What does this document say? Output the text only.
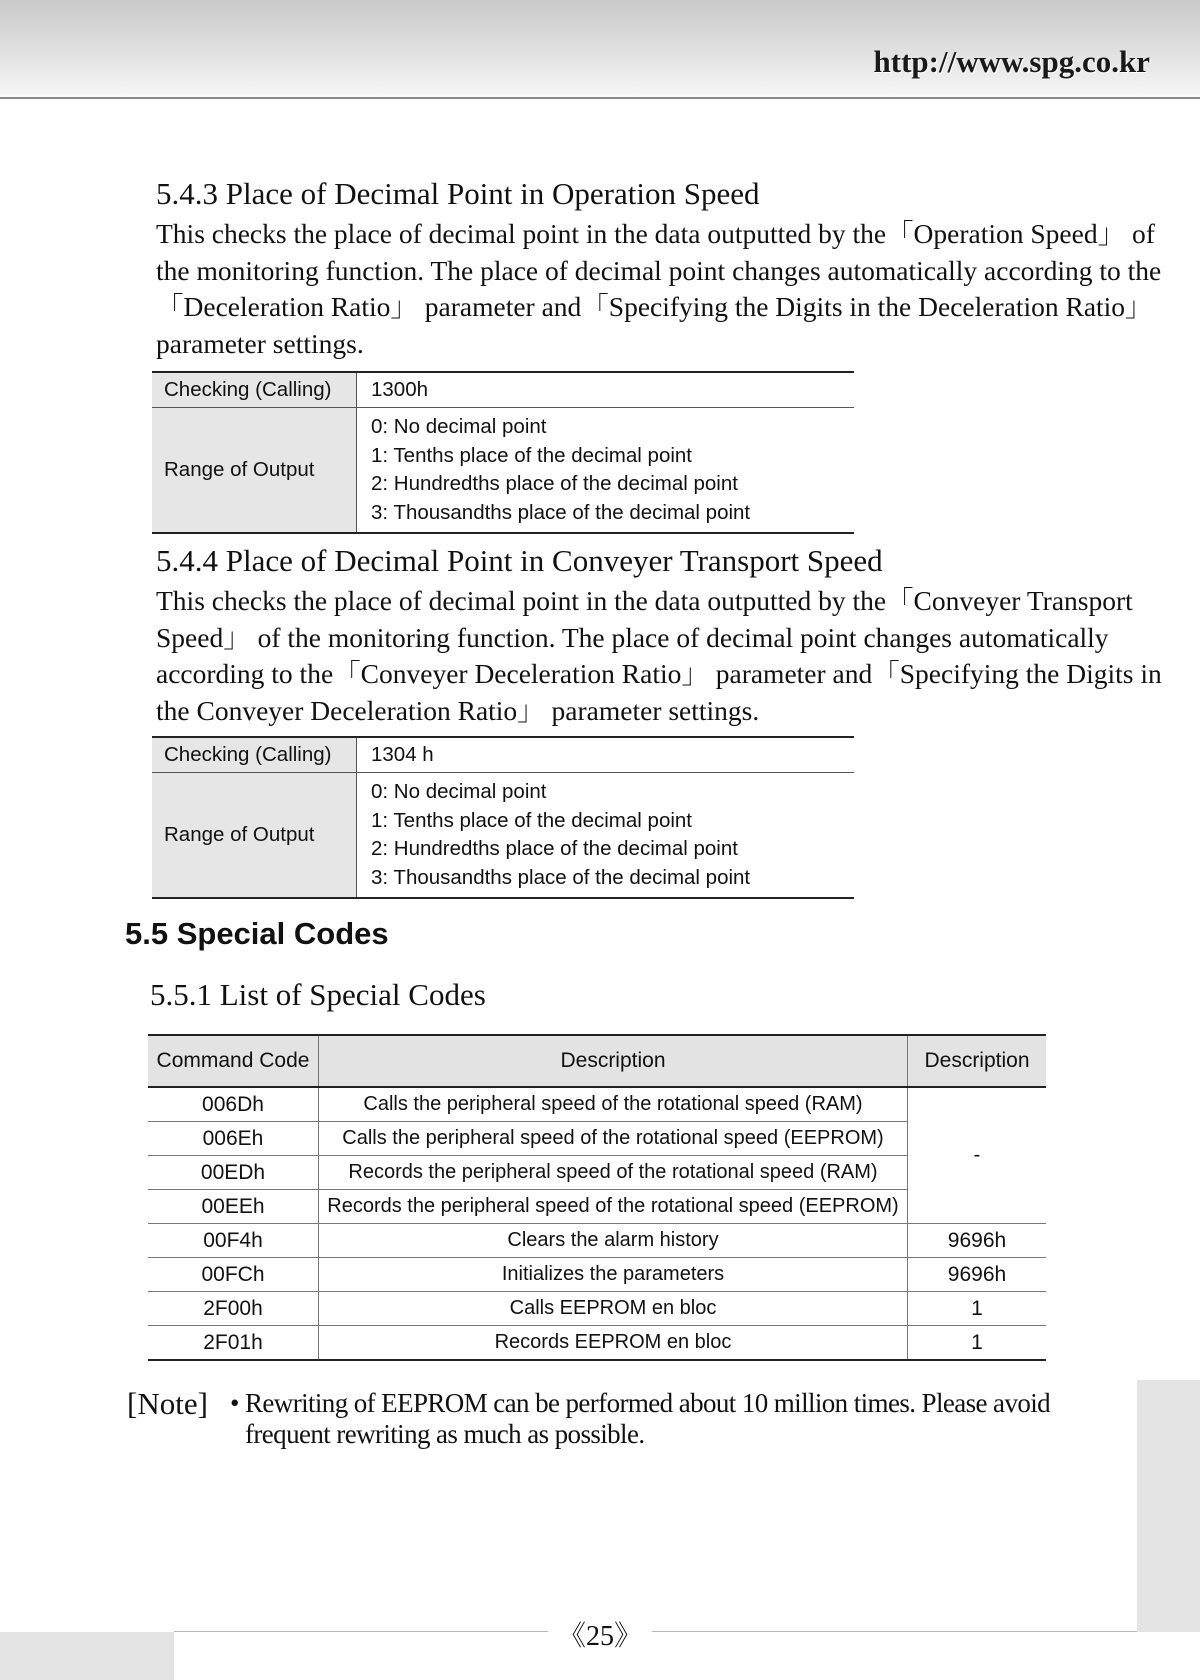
http://www.spg.co.kr
5.4.3 Place of Decimal Point in Operation Speed
This checks the place of decimal point in the data outputted by the「Operation Speed」 of
the monitoring function. The place of decimal point changes automatically according to the
「Deceleration Ratio」 parameter and「Specifying the Digits in the Deceleration Ratio」
parameter settings.
Checking (Calling)	1300h
Range of Output	0: No decimal point
1: Tenths place of the decimal point
2: Hundredths place of the decimal point
3: Thousandths place of the decimal point
5.4.4 Place of Decimal Point in Conveyer Transport Speed
This checks the place of decimal point in the data outputted by the「Conveyer Transport
Speed」 of the monitoring function. The place of decimal point changes automatically
according to the「Conveyer Deceleration Ratio」 parameter and「Specifying the Digits in
the Conveyer Deceleration Ratio」 parameter settings.
Checking (Calling)	1304 h
Range of Output	0: No decimal point
1: Tenths place of the decimal point
2: Hundredths place of the decimal point
3: Thousandths place of the decimal point
5.5 Special Codes
5.5.1 List of Special Codes
Command Code	Description	Description
006Dh	Calls the peripheral speed of the rotational speed (RAM)	-
006Eh	Calls the peripheral speed of the rotational speed (EEPROM)	
00EDh	Records the peripheral speed of the rotational speed (RAM)	
00EEh	Records the peripheral speed of the rotational speed (EEPROM)	
00F4h	Clears the alarm history	9696h
00FCh	Initializes the parameters	9696h
2F00h	Calls EEPROM en bloc	1
2F01h	Records EEPROM en bloc	1
[Note] • Rewriting of EEPROM can be performed about 10 million times. Please avoid frequent rewriting as much as possible.
《25》
